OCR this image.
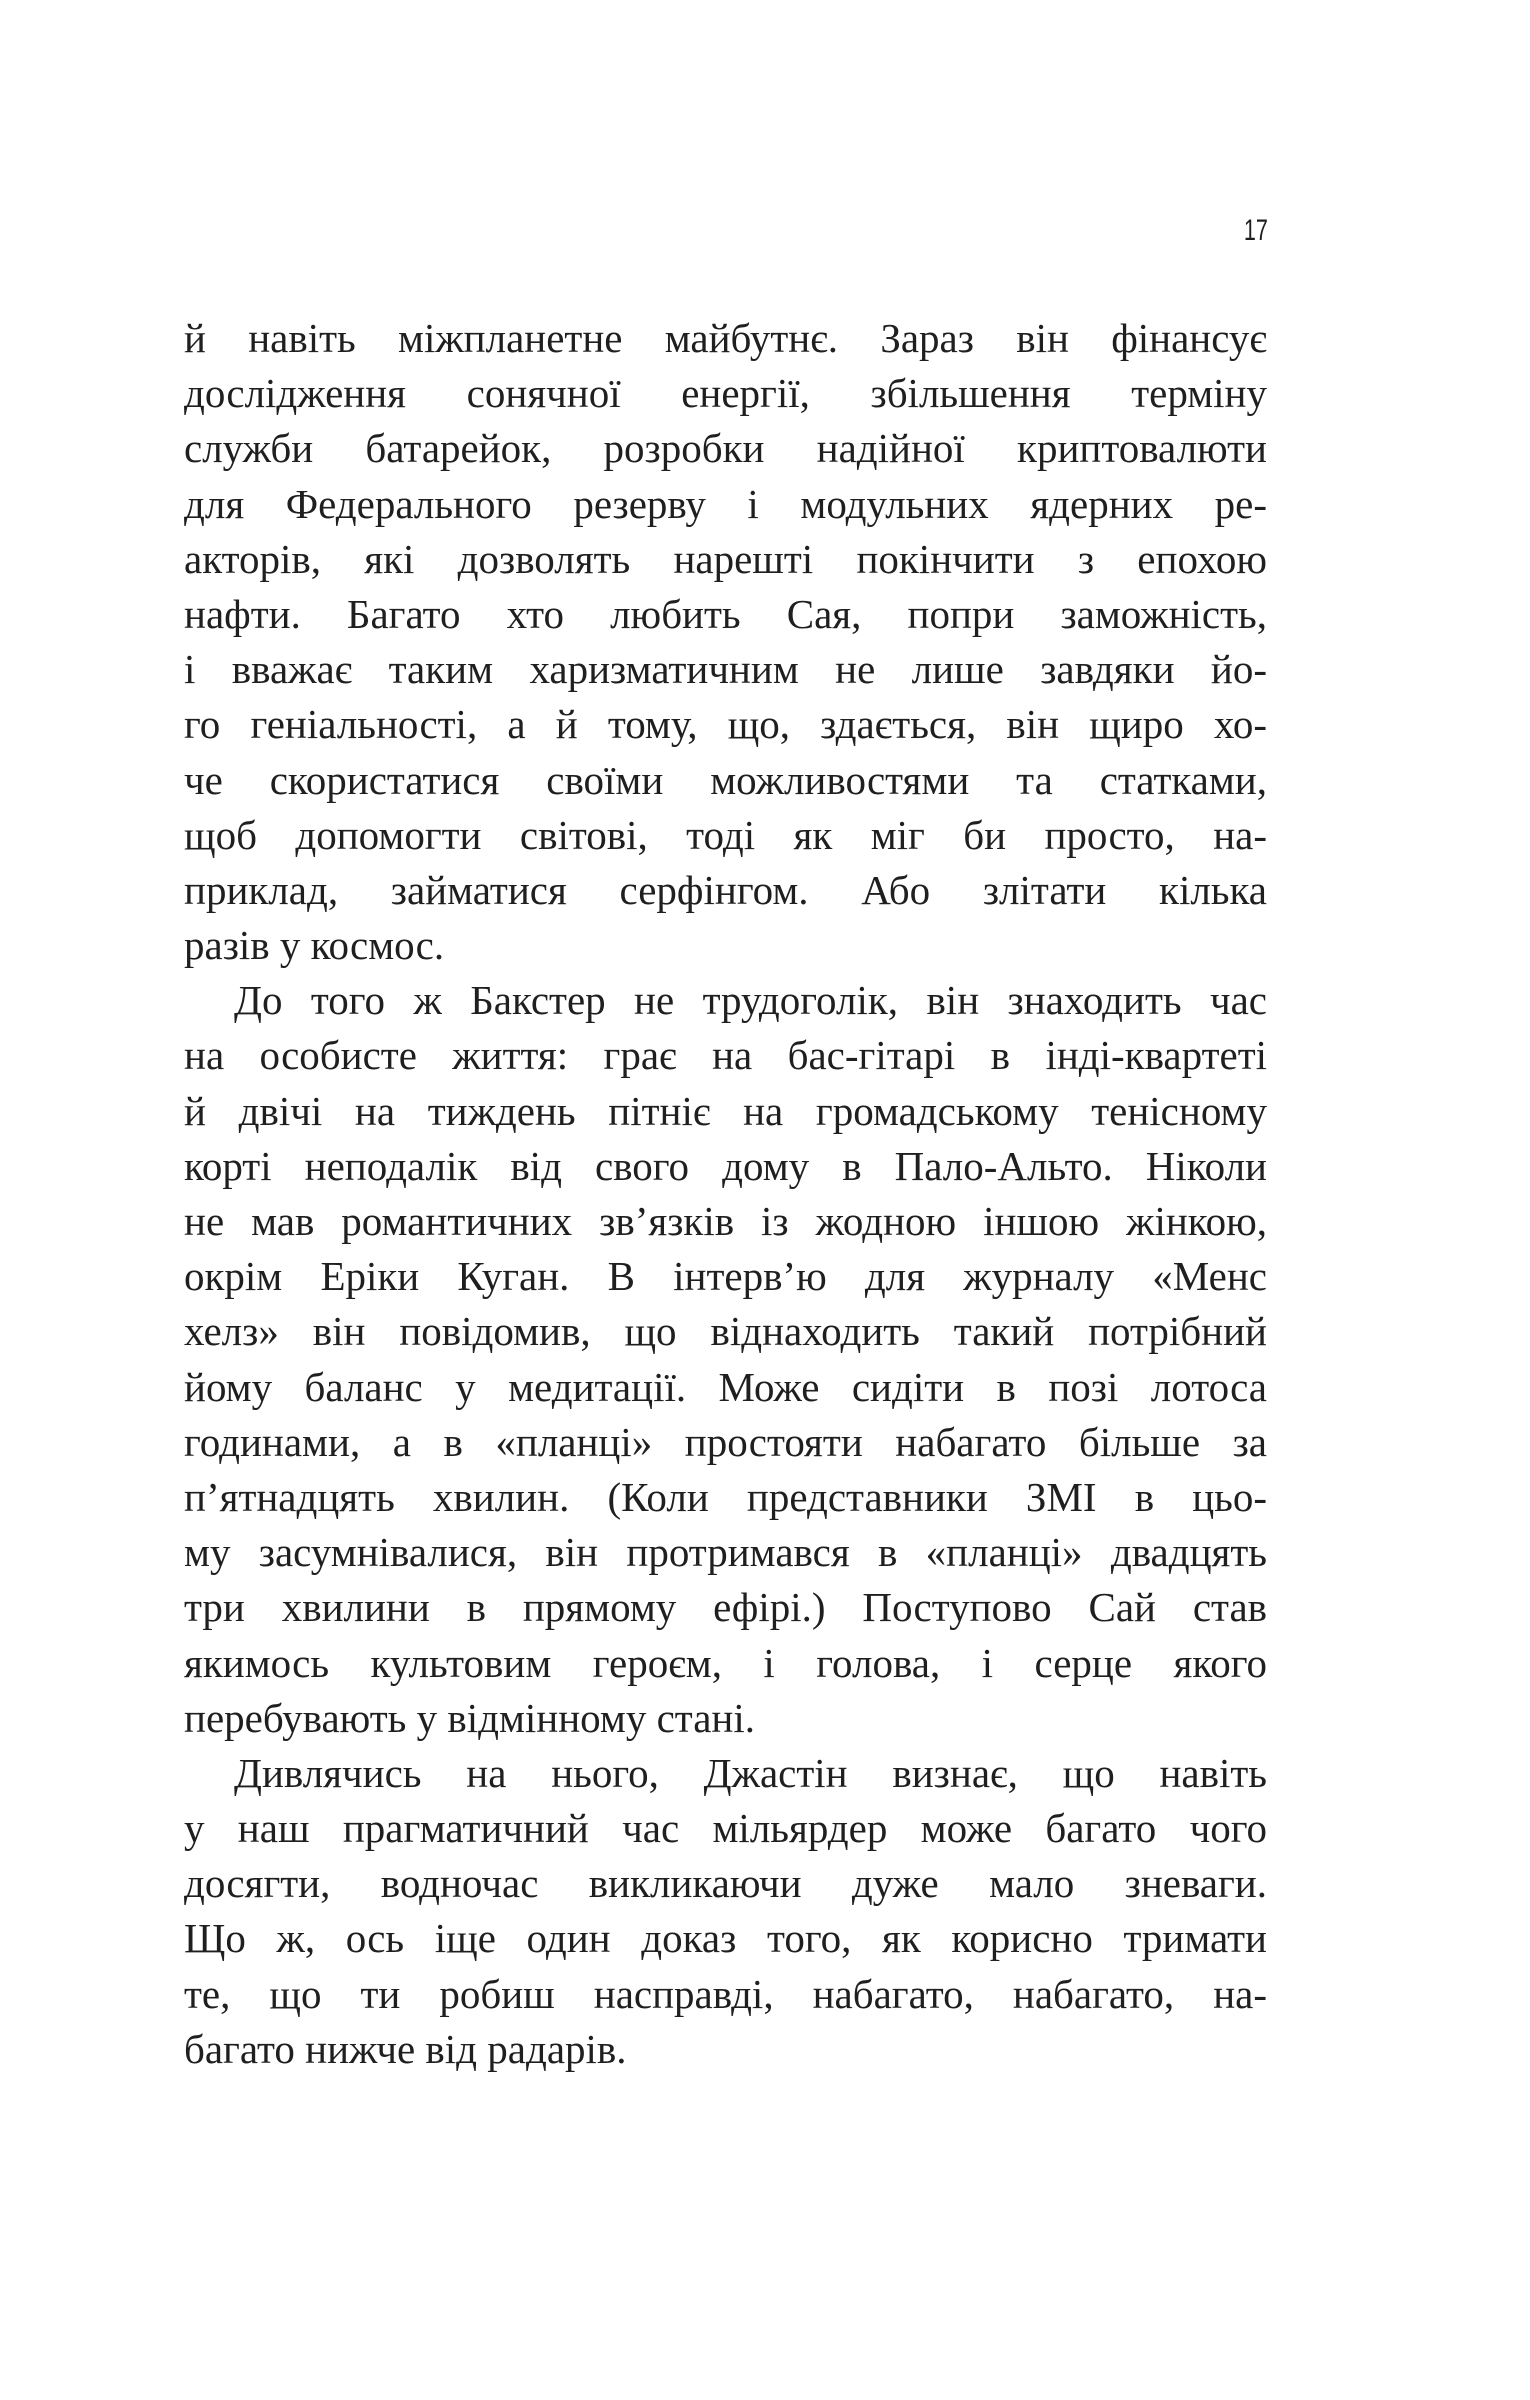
17
й навіть міжпланетне майбутнє. Зараз він фінансує
дослідження сонячної енергії, збільшення терміну
служби батарейок, розробки надійної криптовалюти
для Федерального резерву і модульних ядерних ре-
акторів, які дозволять нарешті покінчити з епохою
нафти. Багато хто любить Сая, попри заможність,
і вважає таким харизматичним не лише завдяки йо-
го геніальності, а й тому, що, здається, він щиро хо-
че скористатися своїми можливостями та статками,
щоб допомогти світові, тоді як міг би просто, на-
приклад, займатися серфінгом. Або злітати кілька
разів у космос.
До того ж Бакстер не трудоголік, він знаходить час
на особисте життя: грає на бас-гітарі в інді-квартеті
й двічі на тиждень пітніє на громадському тенісному
корті неподалік від свого дому в Пало-Альто. Ніколи
не мав романтичних зв’язків із жодною іншою жінкою,
окрім Еріки Кугaн. В інтерв’ю для журналу «Менс
хелз» він повідомив, що віднаходить такий потрібний
йому баланс у медитації. Може сидіти в позі лотоса
годинами, а в «планці» простояти набагато більше за
п’ятнадцять хвилин. (Коли представники ЗМІ в цьо-
му засумнівалися, він протримався в «планці» двадцять
три хвилини в прямому ефірі.) Поступово Сай став
якимось культовим героєм, і голова, і серце якого
перебувають у відмінному стані.
Дивлячись на нього, Джастін визнає, що навіть
у наш прагматичний час мільярдер може багато чого
досягти, водночас викликаючи дуже мало зневаги.
Що ж, ось іще один доказ того, як корисно тримати
те, що ти робиш насправді, набагато, набагато, на-
багато нижче від радарів.
